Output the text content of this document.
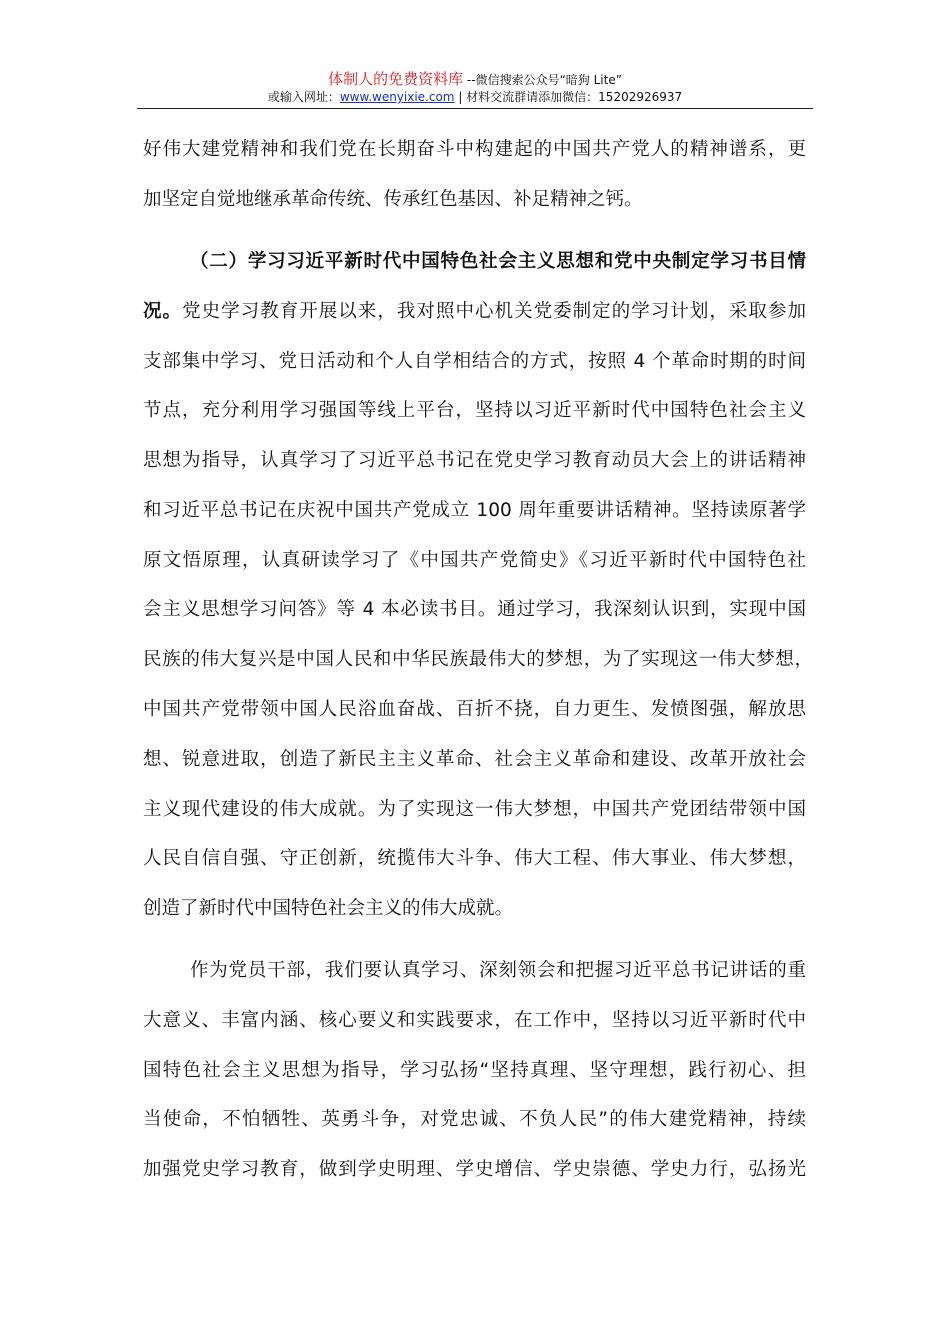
体制人的免费资料库 --微信搜索公众号“暗狗 Lite”
或输入网址：www.wenyixie.com | 材料交流群请添加微信：15202926937
好伟大建党精神和我们党在长期奋斗中构建起的中国共产党人的精神谱系，更
加坚定自觉地继承革命传统、传承红色基因、补足精神之钙。
（二）学习习近平新时代中国特色社会主义思想和党中央制定学习书目情
况。党史学习教育开展以来，我对照中心机关党委制定的学习计划，采取参加
支部集中学习、党日活动和个人自学相结合的方式，按照 4 个革命时期的时间
节点，充分利用学习强国等线上平台，坚持以习近平新时代中国特色社会主义
思想为指导，认真学习了习近平总书记在党史学习教育动员大会上的讲话精神
和习近平总书记在庆祝中国共产党成立 100 周年重要讲话精神。坚持读原著学
原文悟原理，认真研读学习了《中国共产党简史》《习近平新时代中国特色社
会主义思想学习问答》等 4 本必读书目。通过学习，我深刻认识到，实现中国
民族的伟大复兴是中国人民和中华民族最伟大的梦想，为了实现这一伟大梦想，
中国共产党带领中国人民浴血奋战、百折不挠，自力更生、发愤图强，解放思
想、锐意进取，创造了新民主主义革命、社会主义革命和建设、改革开放社会
主义现代建设的伟大成就。为了实现这一伟大梦想，中国共产党团结带领中国
人民自信自强、守正创新，统揽伟大斗争、伟大工程、伟大事业、伟大梦想，
创造了新时代中国特色社会主义的伟大成就。
作为党员干部，我们要认真学习、深刻领会和把握习近平总书记讲话的重
大意义、丰富内涵、核心要义和实践要求，在工作中，坚持以习近平新时代中
国特色社会主义思想为指导，学习弘扬“坚持真理、坚守理想，践行初心、担
当使命，不怕牺牲、英勇斗争，对党忠诚、不负人民”的伟大建党精神，持续
加强党史学习教育，做到学史明理、学史增信、学史崇德、学史力行，弘扬光
